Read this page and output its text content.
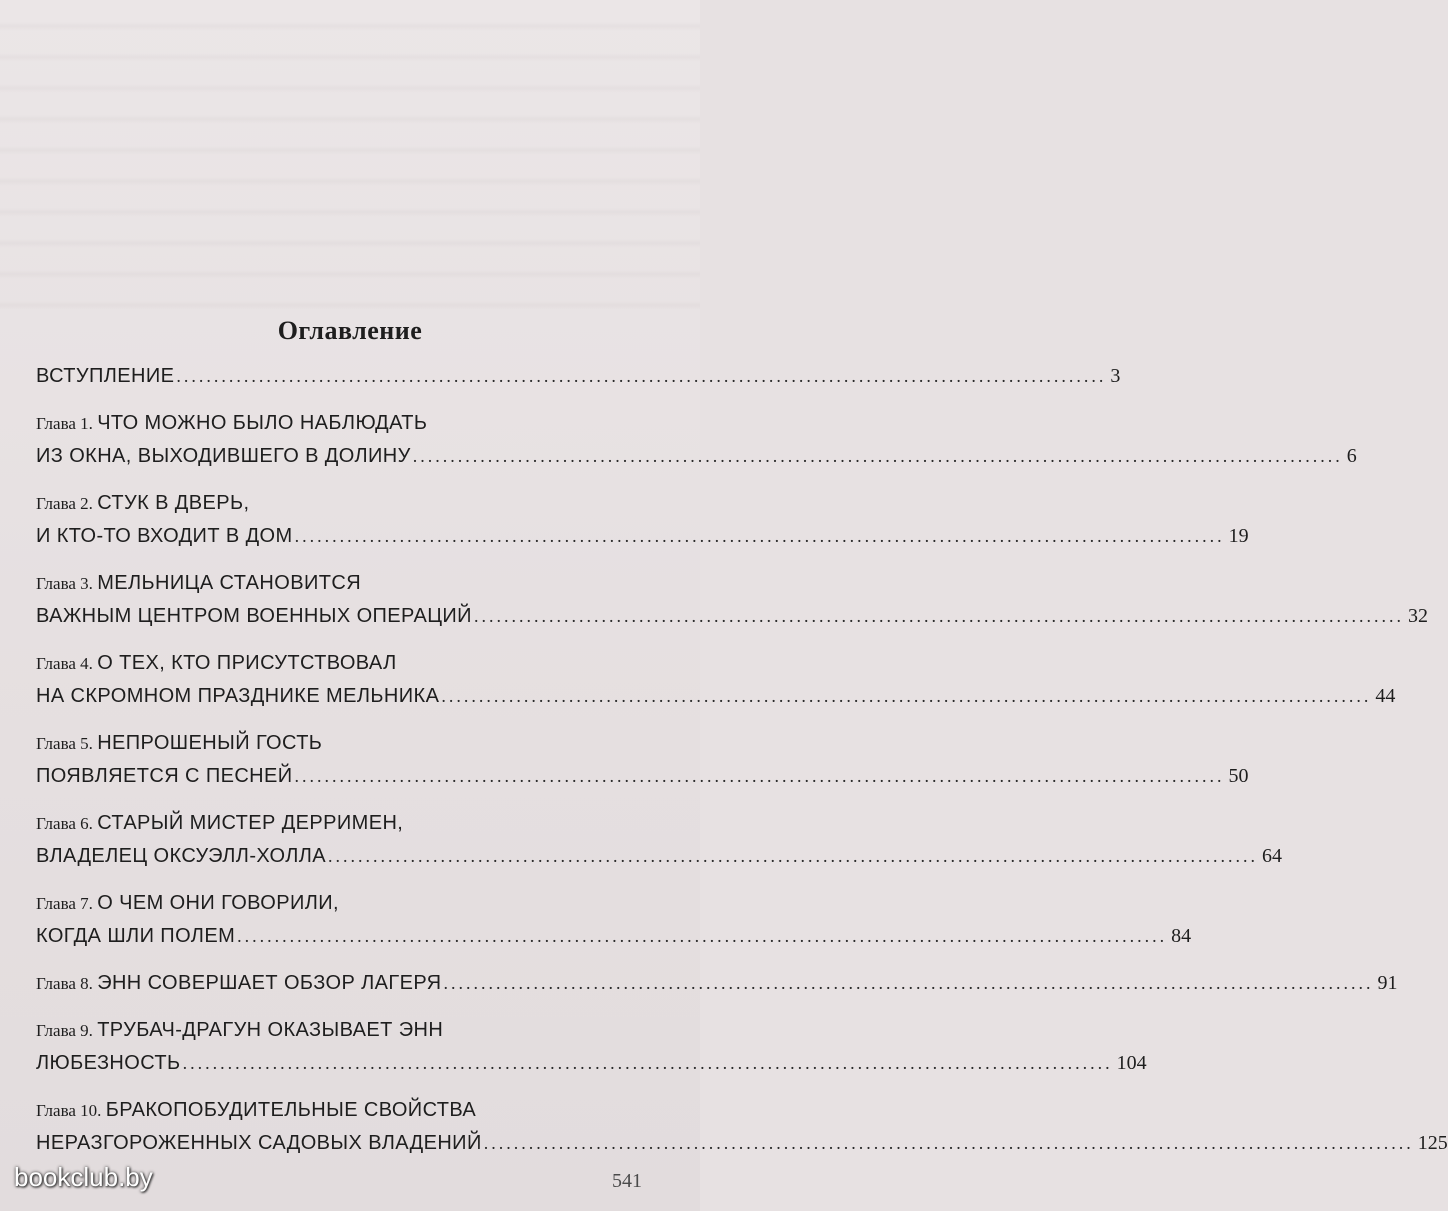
Оглавление
ВСТУПЛЕНИЕ ............................................................................................................................ 3
Глава 1. ЧТО МОЖНО БЫЛО НАБЛЮДАТЬ
ИЗ ОКНА, ВЫХОДИВШЕГО В ДОЛИНУ ............................................................................................................................ 6
Глава 2. СТУК В ДВЕРЬ,
И КТО-ТО ВХОДИТ В ДОМ ............................................................................................................................ 19
Глава 3. МЕЛЬНИЦА СТАНОВИТСЯ
ВАЖНЫМ ЦЕНТРОМ ВОЕННЫХ ОПЕРАЦИЙ ............................................................................................................................ 32
Глава 4. О ТЕХ, КТО ПРИСУТСТВОВАЛ
НА СКРОМНОМ ПРАЗДНИКЕ МЕЛЬНИКА ............................................................................................................................ 44
Глава 5. НЕПРОШЕНЫЙ ГОСТЬ
ПОЯВЛЯЕТСЯ С ПЕСНЕЙ ............................................................................................................................ 50
Глава 6. СТАРЫЙ МИСТЕР ДЕРРИМЕН,
ВЛАДЕЛЕЦ ОКСУЭЛЛ-ХОЛЛА ............................................................................................................................ 64
Глава 7. О ЧЕМ ОНИ ГОВОРИЛИ,
КОГДА ШЛИ ПОЛЕМ ............................................................................................................................ 84
Глава 8. ЭНН СОВЕРШАЕТ ОБЗОР ЛАГЕРЯ ............................................................................................................................ 91
Глава 9. ТРУБАЧ-ДРАГУН ОКАЗЫВАЕТ ЭНН
ЛЮБЕЗНОСТЬ ............................................................................................................................ 104
Глава 10. БРАКОПОБУДИТЕЛЬНЫЕ СВОЙСТВА
НЕРАЗГОРОЖЕННЫХ САДОВЫХ ВЛАДЕНИЙ ............................................................................................................................ 125
bookclub.by	541
